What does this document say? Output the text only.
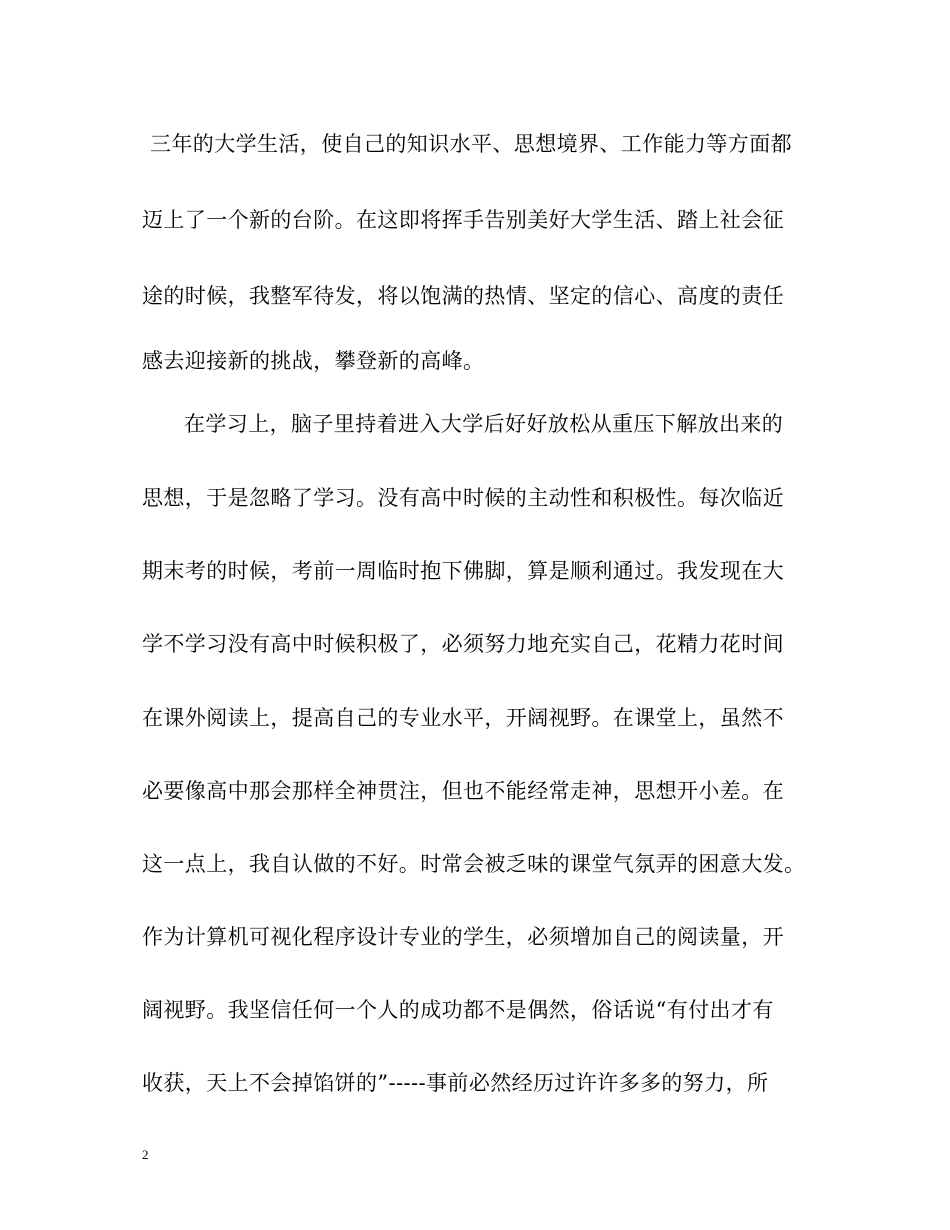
三年的大学生活，使自己的知识水平、思想境界、工作能力等方面都
迈上了一个新的台阶。在这即将挥手告别美好大学生活、踏上社会征
途的时候，我整军待发，将以饱满的热情、坚定的信心、高度的责任
感去迎接新的挑战，攀登新的高峰。
在学习上，脑子里持着进入大学后好好放松从重压下解放出来的
思想，于是忽略了学习。没有高中时候的主动性和积极性。每次临近
期末考的时候，考前一周临时抱下佛脚，算是顺利通过。我发现在大
学不学习没有高中时候积极了，必须努力地充实自己，花精力花时间
在课外阅读上，提高自己的专业水平，开阔视野。在课堂上，虽然不
必要像高中那会那样全神贯注，但也不能经常走神，思想开小差。在
这一点上，我自认做的不好。时常会被乏味的课堂气氛弄的困意大发。
作为计算机可视化程序设计专业的学生，必须增加自己的阅读量，开
阔视野。我坚信任何一个人的成功都不是偶然，俗话说“有付出才有
收获，天上不会掉馅饼的”-----事前必然经历过许许多多的努力，所
2
